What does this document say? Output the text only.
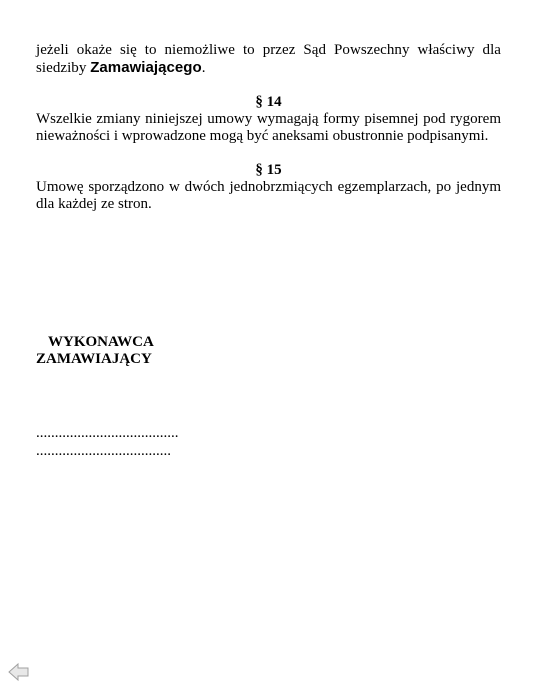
jeżeli okaże się to niemożliwe to przez Sąd Powszechny właściwy dla siedziby Zamawiającego.

§ 14

Wszelkie zmiany niniejszej umowy wymagają formy pisemnej pod rygorem nieważności i wprowadzone mogą być aneksami obustronnie podpisanymi.

§ 15

Umowę sporządzono w dwóch jednobrzmiących egzemplarzach, po jednym dla każdej ze stron.

WYKONAWCA
ZAMAWIAJĄCY
......................................
....................................
